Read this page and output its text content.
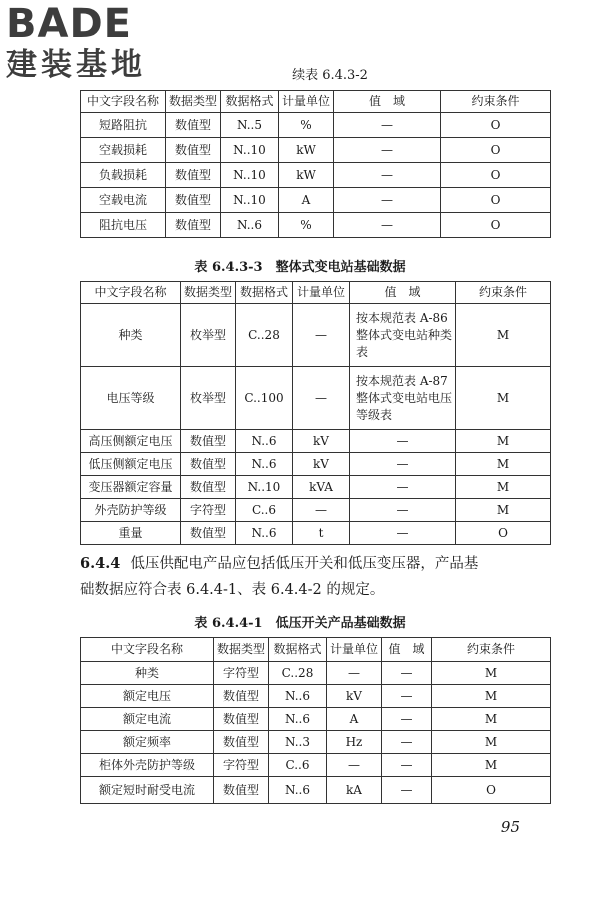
BADE
建装基地	续表 6.4.3-2
中文字段名称	数据类型	数据格式	计量单位	值　域	约束条件
短路阻抗	数值型	N..5	%	—	O
空载损耗	数值型	N..10	kW	—	O
负载损耗	数值型	N..10	kW	—	O
空载电流	数值型	N..10	A	—	O
阻抗电压	数值型	N..6	%	—	O
表 6.4.3-3　整体式变电站基础数据
中文字段名称	数据类型	数据格式	计量单位	值　域	约束条件
种类	枚举型	C..28	—	按本规范表 A-86 整体式变电站种类表	M
电压等级	枚举型	C..100	—	按本规范表 A-87 整体式变电站电压等级表	M
高压侧额定电压	数值型	N..6	kV	—	M
低压侧额定电压	数值型	N..6	kV	—	M
变压器额定容量	数值型	N..10	kVA	—	M
外壳防护等级	字符型	C..6	—	—	M
重量	数值型	N..6	t	—	O
6.4.4 低压供配电产品应包括低压开关和低压变压器，产品基
础数据应符合表 6.4.4-1、表 6.4.4-2 的规定。
表 6.4.4-1　低压开关产品基础数据
中文字段名称	数据类型	数据格式	计量单位	值　域	约束条件
种类	字符型	C..28	—	—	M
额定电压	数值型	N..6	kV	—	M
额定电流	数值型	N..6	A	—	M
额定频率	数值型	N..3	Hz	—	M
柜体外壳防护等级	字符型	C..6	—	—	M
额定短时耐受电流	数值型	N..6	kA	—	O
95
